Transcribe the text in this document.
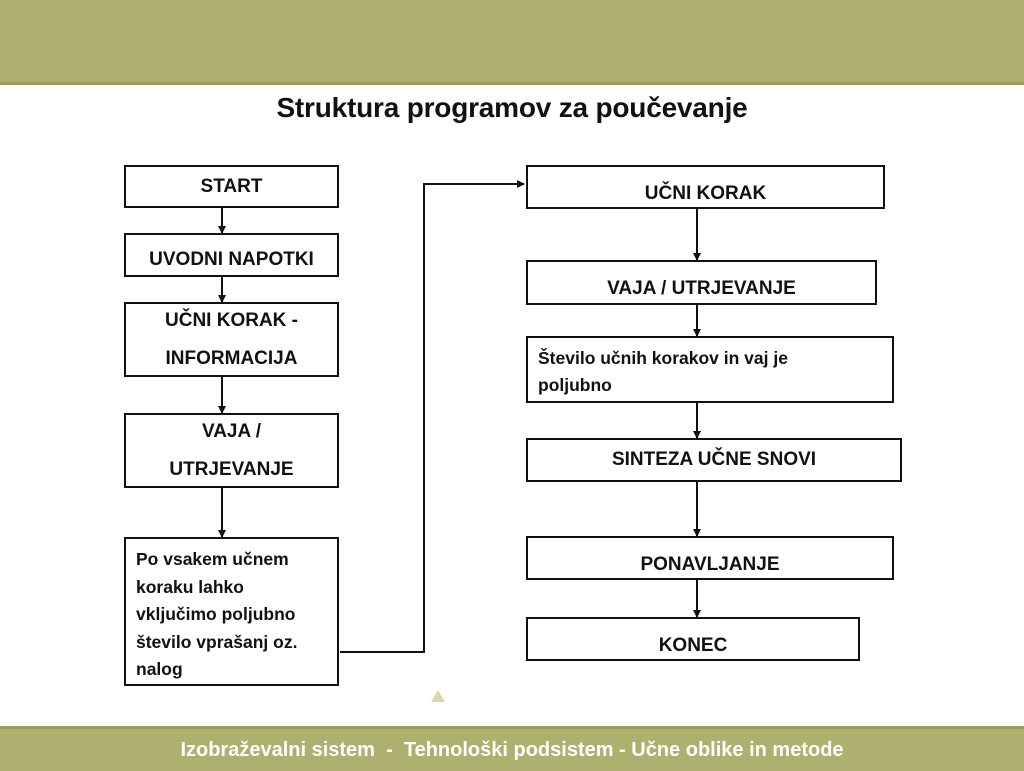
Struktura programov za poučevanje
START
UVODNI NAPOTKI
UČNI KORAK -
INFORMACIJA
VAJA /
UTRJEVANJE
Po vsakem učnem
koraku lahko
vključimo poljubno
število vprašanj oz.
nalog
UČNI KORAK
VAJA / UTRJEVANJE
Število učnih korakov in vaj je
poljubno
SINTEZA UČNE SNOVI
PONAVLJANJE
KONEC
Izobraževalni sistem  -  Tehnološki podsistem - Učne oblike in metode
